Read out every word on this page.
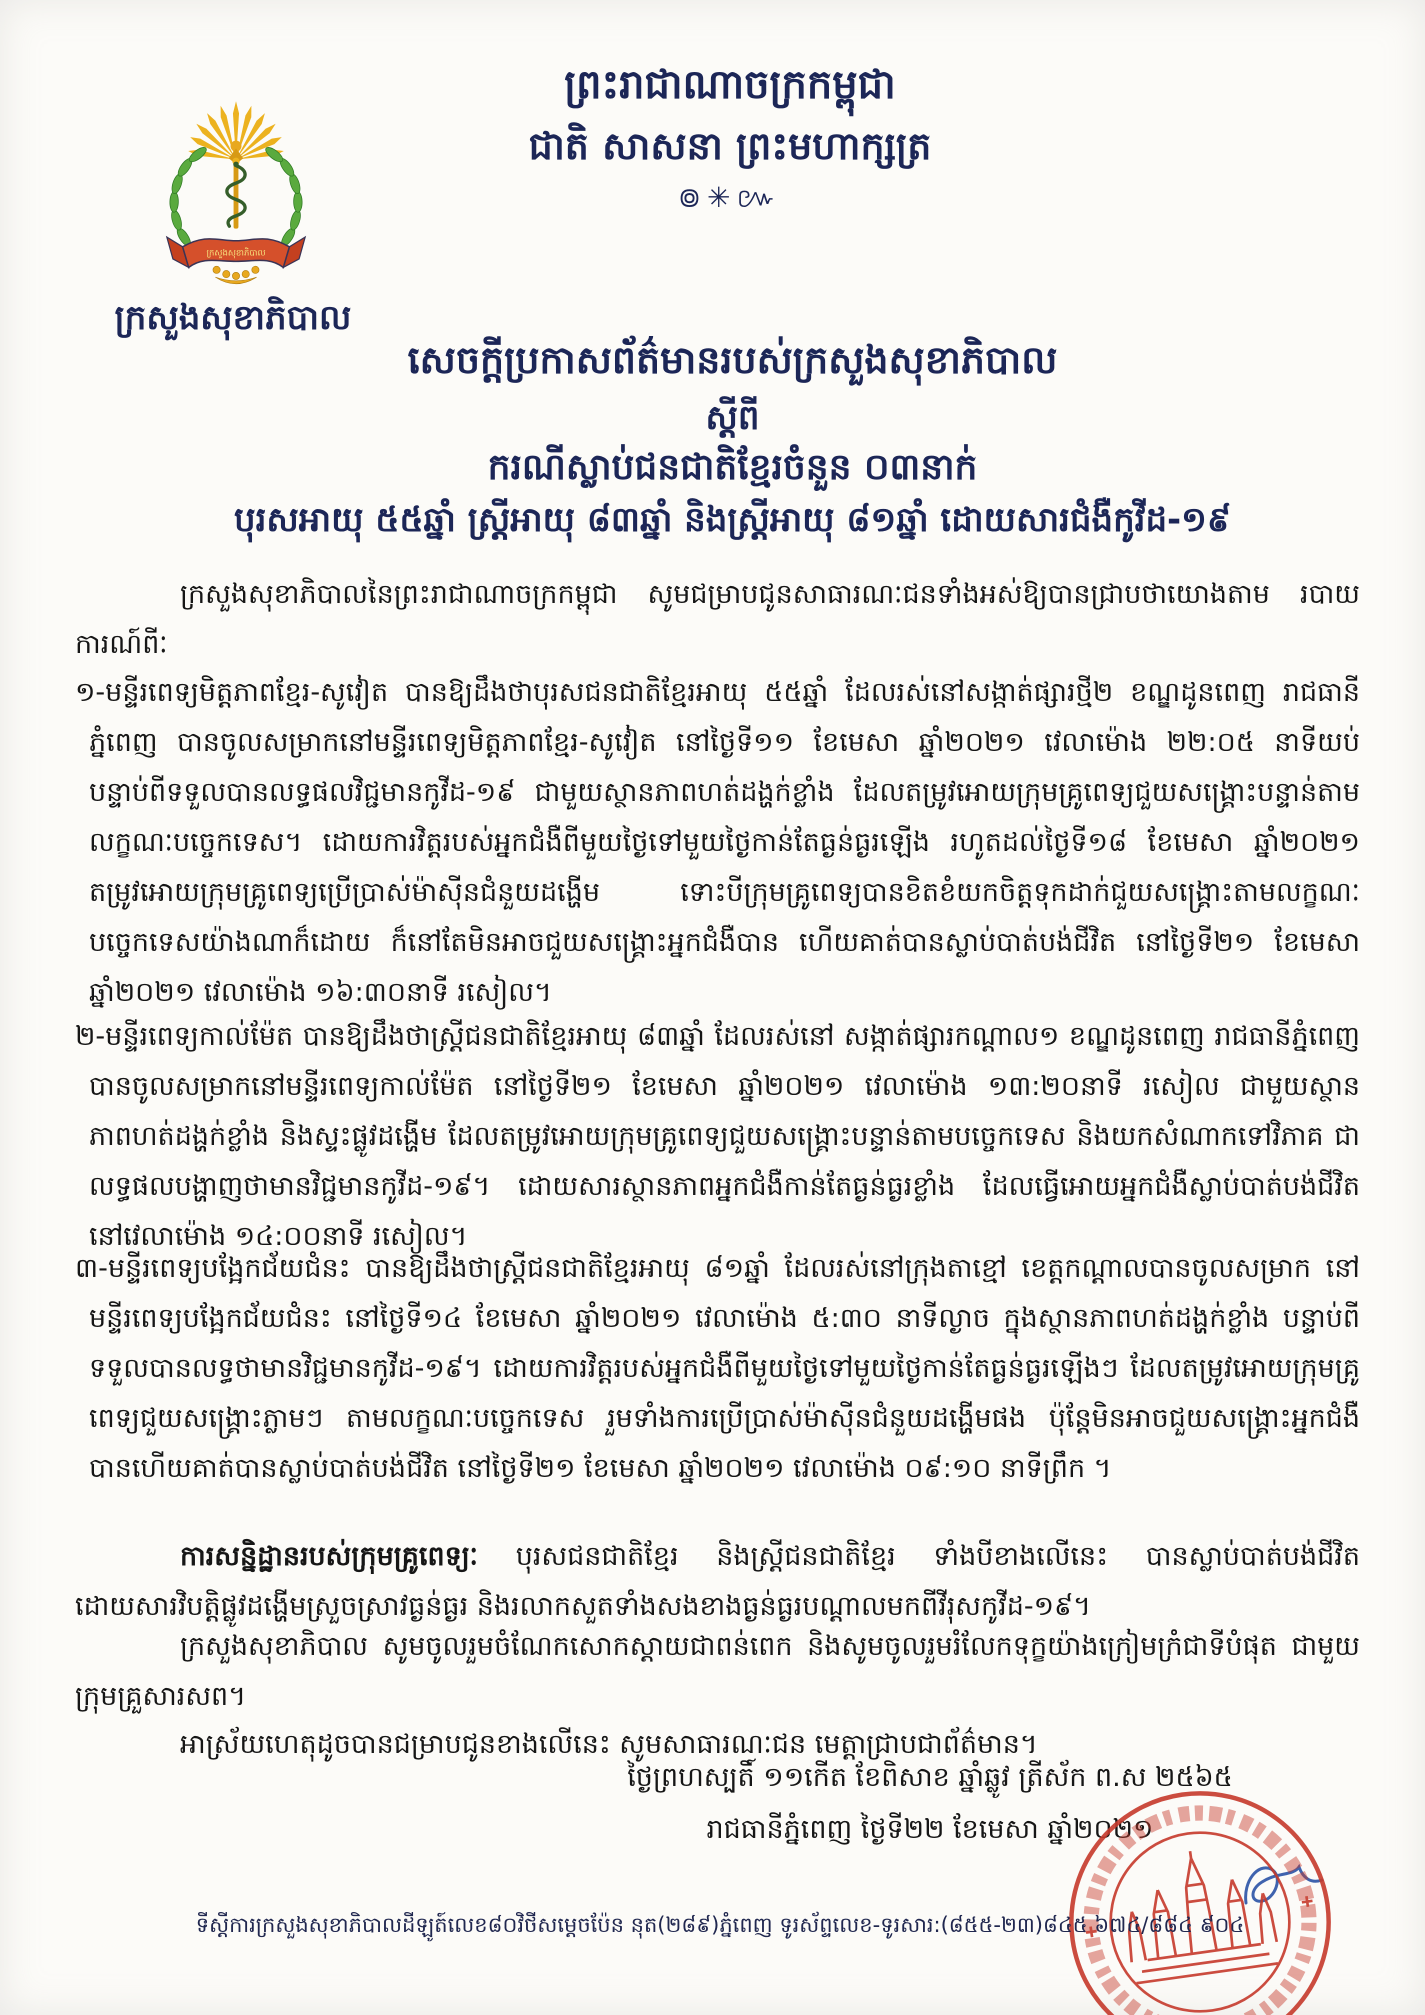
ក្រសួងសុខាភិបាល
ក្រសួងសុខាភិបាល
ព្រះរាជាណាចក្រកម្ពុជា
ជាតិ សាសនា ព្រះមហាក្សត្រ
៙✳៚
សេចក្តីប្រកាសព័ត៌មានរបស់ក្រសួងសុខាភិបាល
ស្តីពី
ករណីស្លាប់ជនជាតិខ្មែរចំនួន ០៣នាក់
បុរសអាយុ ៥៥ឆ្នាំ ស្ត្រីអាយុ ៨៣ឆ្នាំ និងស្ត្រីអាយុ ៨១ឆ្នាំ ដោយសារជំងឺកូវីដ-១៩
ក្រសួងសុខាភិបាលនៃព្រះរាជាណាចក្រកម្ពុជា សូមជម្រាបជូនសាធារណៈជនទាំងអស់ឱ្យបានជ្រាបថាយោងតាម របាយការណ៍ពីៈ
១-មន្ទីរពេទ្យមិត្តភាពខ្មែរ-សូវៀត បានឱ្យដឹងថាបុរសជនជាតិខ្មែរអាយុ ៥៥ឆ្នាំ ដែលរស់នៅសង្កាត់ផ្សារថ្មី២ ខណ្ឌដូនពេញ រាជធានីភ្នំពេញ បានចូលសម្រាកនៅមន្ទីរពេទ្យមិត្តភាពខ្មែរ-សូវៀត នៅថ្ងៃទី១១ ខែមេសា ឆ្នាំ២០២១ វេលាម៉ោង ២២:០៥ នាទីយប់ បន្ទាប់ពីទទួលបានលទ្ធផលវិជ្ជមានកូវីដ-១៩ ជាមួយស្ថានភាពហត់ដង្ហក់ខ្លាំង ដែលតម្រូវអោយក្រុមគ្រូពេទ្យជួយសង្គ្រោះបន្ទាន់តាមលក្ខណៈបច្ចេកទេស។ ដោយការវិត្តរបស់អ្នកជំងឺពីមួយថ្ងៃទៅមួយថ្ងៃកាន់តែធ្ងន់ធ្ងរឡើង រហូតដល់ថ្ងៃទី១៨ ខែមេសា ឆ្នាំ២០២១ តម្រូវអោយក្រុមគ្រូពេទ្យប្រើប្រាស់ម៉ាស៊ីនជំនួយដង្ហើម ទោះបីក្រុមគ្រូពេទ្យបានខិតខំយកចិត្តទុកដាក់ជួយសង្គ្រោះតាមលក្ខណៈបច្ចេកទេសយ៉ាងណាក៏ដោយ ក៏នៅតែមិនអាចជួយសង្គ្រោះអ្នកជំងឺបាន ហើយគាត់បានស្លាប់បាត់បង់ជីវិត នៅថ្ងៃទី២១ ខែមេសា ឆ្នាំ២០២១ វេលាម៉ោង ១៦:៣០នាទី រសៀល។
២-មន្ទីរពេទ្យកាល់ម៉ែត បានឱ្យដឹងថាស្ត្រីជនជាតិខ្មែរអាយុ ៨៣ឆ្នាំ ដែលរស់នៅ សង្កាត់ផ្សារកណ្តាល១ ខណ្ឌដូនពេញ រាជធានីភ្នំពេញ បានចូលសម្រាកនៅមន្ទីរពេទ្យកាល់ម៉ែត នៅថ្ងៃទី២១ ខែមេសា ឆ្នាំ២០២១ វេលាម៉ោង ១៣:២០នាទី រសៀល ជាមួយស្ថានភាពហត់ដង្ហក់ខ្លាំង និងស្ទះផ្លូវដង្ហើម ដែលតម្រូវអោយក្រុមគ្រូពេទ្យជួយសង្គ្រោះបន្ទាន់តាមបច្ចេកទេស និងយកសំណាកទៅវិភាគ ជាលទ្ធផលបង្ហាញថាមានវិជ្ជមានកូវីដ-១៩។ ដោយសារស្ថានភាពអ្នកជំងឺកាន់តែធ្ងន់ធ្ងរខ្លាំង ដែលធ្វើអោយអ្នកជំងឺស្លាប់បាត់បង់ជីវិត នៅវេលាម៉ោង ១៤:០០នាទី រសៀល។
៣-មន្ទីរពេទ្យបង្អែកជ័យជំនះ បានឱ្យដឹងថាស្ត្រីជនជាតិខ្មែរអាយុ ៨១ឆ្នាំ ដែលរស់នៅក្រុងតាខ្មៅ ខេត្តកណ្តាលបានចូលសម្រាក នៅមន្ទីរពេទ្យបង្អែកជ័យជំនះ នៅថ្ងៃទី១៤ ខែមេសា ឆ្នាំ២០២១ វេលាម៉ោង ៥:៣០ នាទីល្ងាច ក្នុងស្ថានភាពហត់ដង្ហក់ខ្លាំង បន្ទាប់ពីទទួលបានលទ្ធថាមានវិជ្ជមានកូវីដ-១៩។ ដោយការវិត្តរបស់អ្នកជំងឺពីមួយថ្ងៃទៅមួយថ្ងៃកាន់តែធ្ងន់ធ្ងរឡើងៗ ដែលតម្រូវអោយក្រុមគ្រូពេទ្យជួយសង្គ្រោះភ្លាមៗ តាមលក្ខណៈបច្ចេកទេស រួមទាំងការប្រើប្រាស់ម៉ាស៊ីនជំនួយដង្ហើមផង ប៉ុន្តែមិនអាចជួយសង្គ្រោះអ្នកជំងឺបានហើយគាត់បានស្លាប់បាត់បង់ជីវិត នៅថ្ងៃទី២១ ខែមេសា ឆ្នាំ២០២១ វេលាម៉ោង ០៩:១០ នាទីព្រឹក ។
ការសន្និដ្ឋានរបស់ក្រុមគ្រូពេទ្យៈ បុរសជនជាតិខ្មែរ និងស្ត្រីជនជាតិខ្មែរ ទាំងបីខាងលើនេះ បានស្លាប់បាត់បង់ជីវិត ដោយសារវិបត្តិផ្លូវដង្ហើមស្រួចស្រាវធ្ងន់ធ្ងរ និងរលាកសួតទាំងសងខាងធ្ងន់ធ្ងរបណ្តាលមកពីវីរុសកូវីដ-១៩។
ក្រសួងសុខាភិបាល សូមចូលរួមចំណែកសោកស្តាយជាពន់ពេក និងសូមចូលរួមរំលែកទុក្ខយ៉ាងក្រៀមក្រំជាទីបំផុត ជាមួយក្រុមគ្រួសារសព។
អាស្រ័យហេតុដូចបានជម្រាបជូនខាងលើនេះ សូមសាធារណៈជន មេត្តាជ្រាបជាព័ត៌មាន។
ថ្ងៃព្រហស្បតិ៍ ១១កើត ខែពិសាខ ឆ្នាំឆ្លូវ ត្រីស័ក ព.ស ២៥៦៥
រាជធានីភ្នំពេញ ថ្ងៃទី២២ ខែមេសា ឆ្នាំ២០២១
ទីស្តីការក្រសួងសុខាភិបាលដីឡូត៍លេខ៨០វិថីសម្តេចប៉ែន នុត(២៨៩)ភ្នំពេញ ទូរស័ព្ទលេខ-ទូរសារ:(៨៥៥-២៣)៨៤៥ ៦៧៤/៨៨៤ ៩០៤
